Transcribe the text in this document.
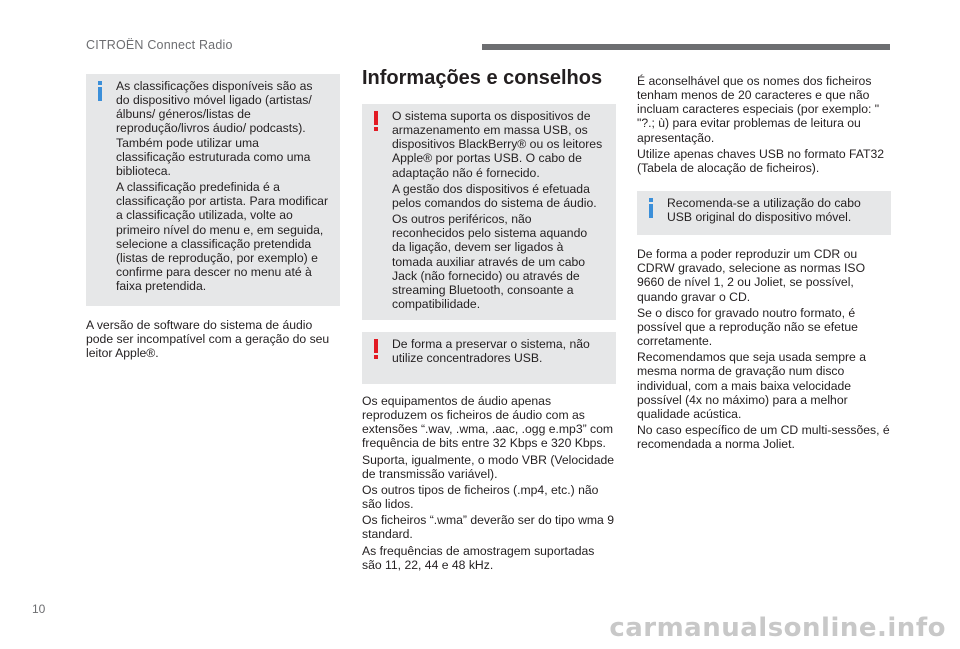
CITROËN Connect Radio

As classificações disponíveis são as do dispositivo móvel ligado (artistas/álbuns/ géneros/listas de reprodução/livros áudio/ podcasts). Também pode utilizar uma classificação estruturada como uma biblioteca.

A classificação predefinida é a classificação por artista. Para modificar a classificação utilizada, volte ao primeiro nível do menu e, em seguida, selecione a classificação pretendida (listas de reprodução, por exemplo) e confirme para descer no menu até à faixa pretendida.

A versão de software do sistema de áudio pode ser incompatível com a geração do seu leitor Apple®.

Informações e conselhos

O sistema suporta os dispositivos de armazenamento em massa USB, os dispositivos BlackBerry® ou os leitores Apple® por portas USB. O cabo de adaptação não é fornecido.

A gestão dos dispositivos é efetuada pelos comandos do sistema de áudio.

Os outros periféricos, não reconhecidos pelo sistema aquando da ligação, devem ser ligados à tomada auxiliar através de um cabo Jack (não fornecido) ou através de streaming Bluetooth, consoante a compatibilidade.

De forma a preservar o sistema, não utilize concentradores USB.

Os equipamentos de áudio apenas reproduzem os ficheiros de áudio com as extensões “.wav, .wma, .aac, .ogg e.mp3” com frequência de bits entre 32 Kbps e 320 Kbps.

Suporta, igualmente, o modo VBR (Velocidade de transmissão variável).

Os outros tipos de ficheiros (.mp4, etc.) não são lidos.

Os ficheiros “.wma” deverão ser do tipo wma 9 standard.

As frequências de amostragem suportadas são 11, 22, 44 e 48 kHz.

É aconselhável que os nomes dos ficheiros tenham menos de 20 caracteres e que não incluam caracteres especiais (por exemplo: " "?.; ù) para evitar problemas de leitura ou apresentação.

Utilize apenas chaves USB no formato FAT32 (Tabela de alocação de ficheiros).

Recomenda-se a utilização do cabo USB original do dispositivo móvel.

De forma a poder reproduzir um CDR ou CDRW gravado, selecione as normas ISO 9660 de nível 1, 2 ou Joliet, se possível, quando gravar o CD.

Se o disco for gravado noutro formato, é possível que a reprodução não se efetue corretamente.

Recomendamos que seja usada sempre a mesma norma de gravação num disco individual, com a mais baixa velocidade possível (4x no máximo) para a melhor qualidade acústica.

No caso específico de um CD multi-sessões, é recomendada a norma Joliet.

10
carmanualsonline.info
